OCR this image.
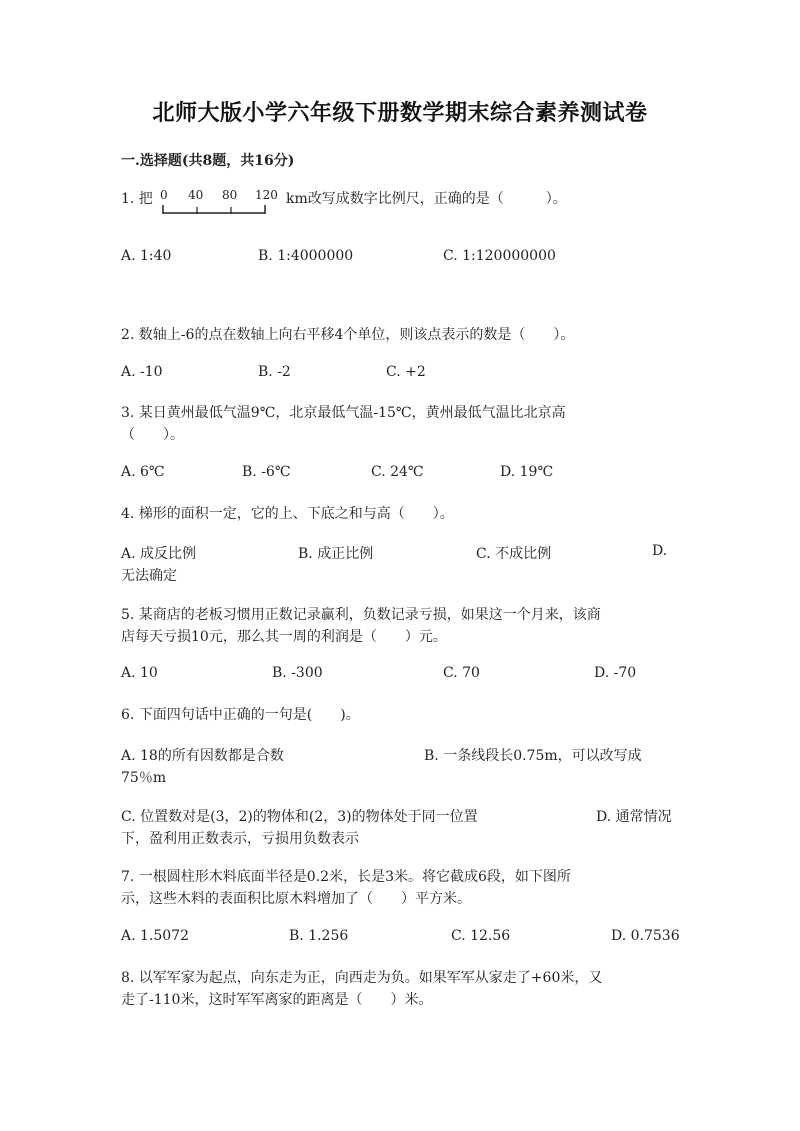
北师大版小学六年级下册数学期末综合素养测试卷
一.选择题(共8题，共16分)
1. 把 0 40 80 120 km改写成数字比例尺，正确的是（　　　）。
A. 1:40	B. 1:4000000	C. 1:120000000
2. 数轴上-6的点在数轴上向右平移4个单位，则该点表示的数是（　　）。
A. -10	B. -2	C. +2
3. 某日黄州最低气温9℃，北京最低气温-15℃，黄州最低气温比北京高
（　　）。
A. 6℃	B. -6℃	C. 24℃	D. 19℃
4. 梯形的面积一定，它的上、下底之和与高（　　）。
A. 成反比例	B. 成正比例	C. 不成比例	D.
无法确定
5. 某商店的老板习惯用正数记录赢利，负数记录亏损，如果这一个月来，该商
店每天亏损10元，那么其一周的利润是（　　）元。
A. 10	B. -300	C. 70	D. -70
6. 下面四句话中正确的一句是(　　)。
A. 18的所有因数都是合数	B. 一条线段长0.75m，可以改写成
75％m
C. 位置数对是(3，2)的物体和(2，3)的物体处于同一位置	D. 通常情况
下，盈利用正数表示，亏损用负数表示
7. 一根圆柱形木料底面半径是0.2米，长是3米。将它截成6段，如下图所
示，这些木料的表面积比原木料增加了（　　）平方米。
A. 1.5072	B. 1.256	C. 12.56	D. 0.7536
8. 以军军家为起点，向东走为正，向西走为负。如果军军从家走了+60米，又
走了-110米，这时军军离家的距离是（　　）米。
